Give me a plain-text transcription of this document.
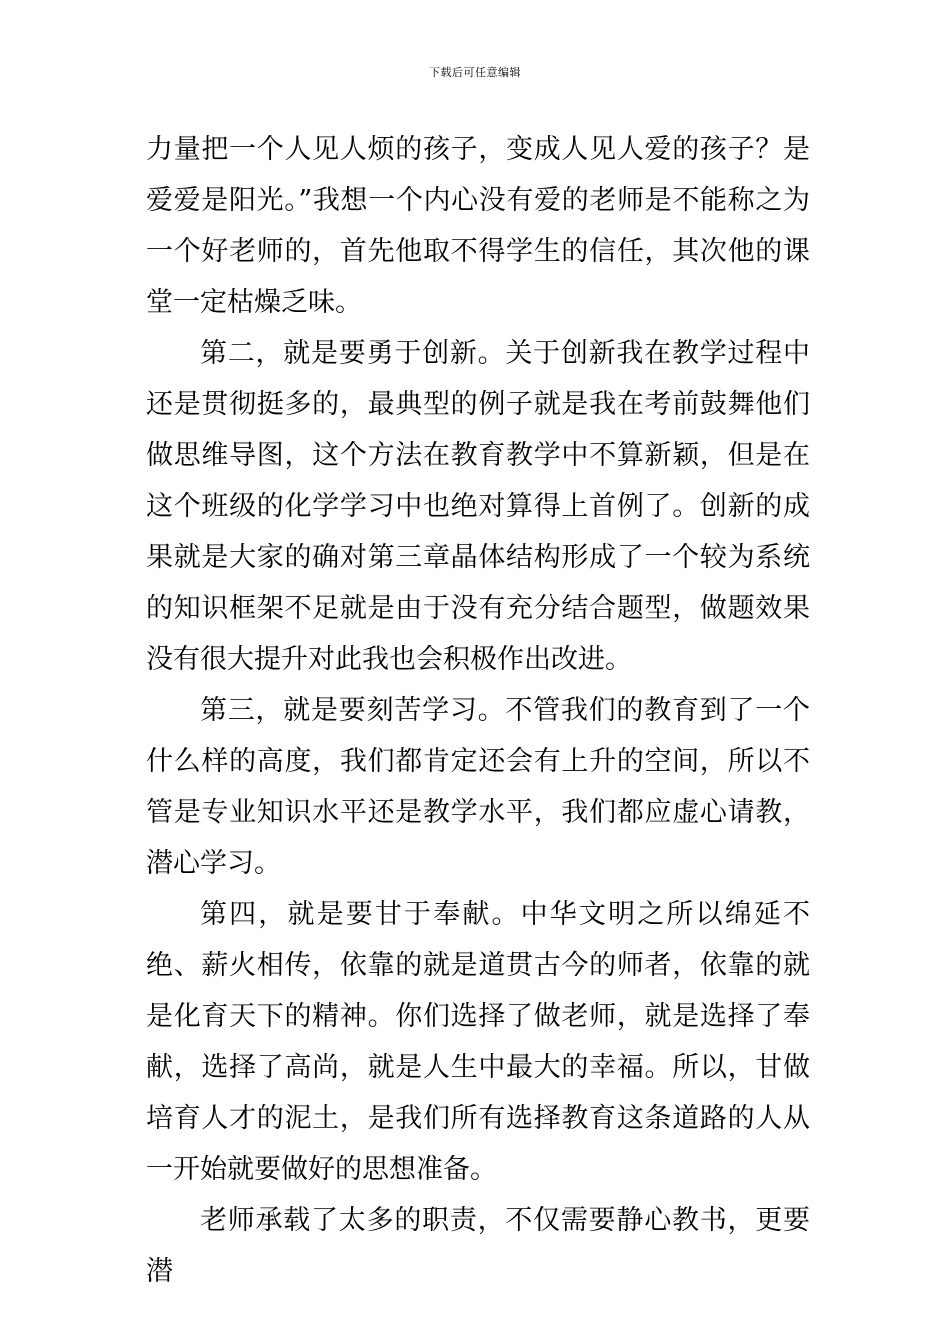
下载后可任意编辑

力量把一个人见人烦的孩子，变成人见人爱的孩子？是爱爱是阳光。”我想一个内心没有爱的老师是不能称之为一个好老师的，首先他取不得学生的信任，其次他的课堂一定枯燥乏味。

第二，就是要勇于创新。关于创新我在教学过程中还是贯彻挺多的，最典型的例子就是我在考前鼓舞他们做思维导图，这个方法在教育教学中不算新颖，但是在这个班级的化学学习中也绝对算得上首例了。创新的成果就是大家的确对第三章晶体结构形成了一个较为系统的知识框架不足就是由于没有充分结合题型，做题效果没有很大提升对此我也会积极作出改进。

第三，就是要刻苦学习。不管我们的教育到了一个什么样的高度，我们都肯定还会有上升的空间，所以不管是专业知识水平还是教学水平，我们都应虚心请教，潜心学习。

第四，就是要甘于奉献。中华文明之所以绵延不绝、薪火相传，依靠的就是道贯古今的师者，依靠的就是化育天下的精神。你们选择了做老师，就是选择了奉献，选择了高尚，就是人生中最大的幸福。所以，甘做培育人才的泥土，是我们所有选择教育这条道路的人从一开始就要做好的思想准备。

老师承载了太多的职责，不仅需要静心教书，更要潜
